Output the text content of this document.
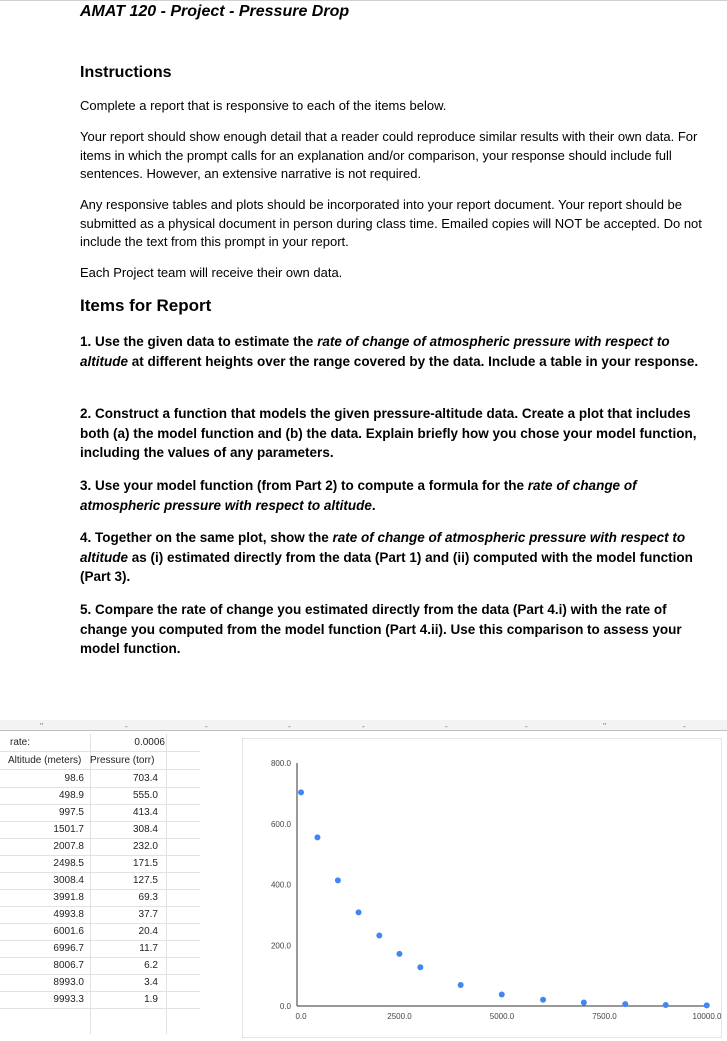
AMAT 120 - Project - Pressure Drop
Instructions
Complete a report that is responsive to each of the items below.
Your report should show enough detail that a reader could reproduce similar results with their own data. For items in which the prompt calls for an explanation and/or comparison, your response should include full sentences. However, an extensive narrative is not required.
Any responsive tables and plots should be incorporated into your report document. Your report should be submitted as a physical document in person during class time. Emailed copies will NOT be accepted. Do not include the text from this prompt in your report.
Each Project team will receive their own data.
Items for Report
1. Use the given data to estimate the rate of change of atmospheric pressure with respect to altitude at different heights over the range covered by the data. Include a table in your response.
2. Construct a function that models the given pressure-altitude data. Create a plot that includes both (a) the model function and (b) the data. Explain briefly how you chose your model function, including the values of any parameters.
3. Use your model function (from Part 2) to compute a formula for the rate of change of atmospheric pressure with respect to altitude.
4. Together on the same plot, show the rate of change of atmospheric pressure with respect to altitude as (i) estimated directly from the data (Part 1) and (ii) computed with the model function (Part 3).
5. Compare the rate of change you estimated directly from the data (Part 4.i) with the rate of change you computed from the model function (Part 4.ii). Use this comparison to assess your model function.
''	-	-	-	-	-	-	''	-
rate:	0.0006
Altitude (meters) Pressure (torr)
98.6	703.4
498.9	555.0
997.5	413.4
1501.7	308.4
2007.8	232.0
2498.5	171.5
3008.4	127.5
3991.8	69.3
4993.8	37.7
6001.6	20.4
6996.7	11.7
8006.7	6.2
8993.0	3.4
9993.3	1.9
0.0
200.0
400.0
600.0
800.0
0.0	2500.0	5000.0	7500.0	10000.0
